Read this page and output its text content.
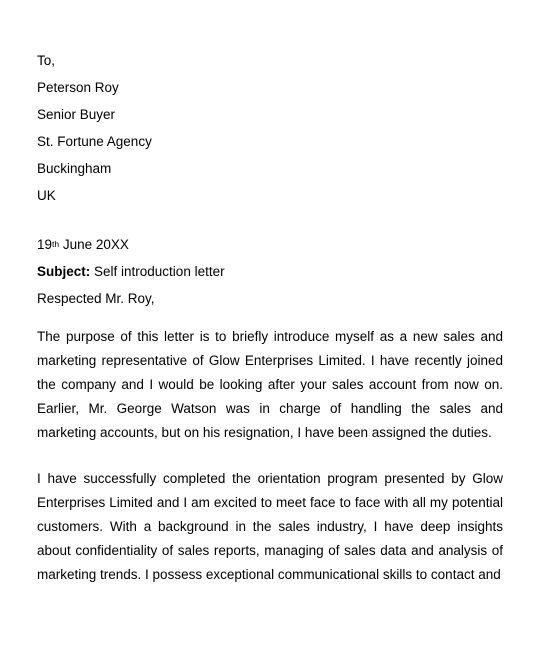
To,
Peterson Roy
Senior Buyer
St. Fortune Agency
Buckingham
UK
19th June 20XX
Subject: Self introduction letter
Respected Mr. Roy,

The purpose of this letter is to briefly introduce myself as a new sales and marketing representative of Glow Enterprises Limited. I have recently joined the company and I would be looking after your sales account from now on. Earlier, Mr. George Watson was in charge of handling the sales and marketing accounts, but on his resignation, I have been assigned the duties.

I have successfully completed the orientation program presented by Glow Enterprises Limited and I am excited to meet face to face with all my potential customers. With a background in the sales industry, I have deep insights about confidentiality of sales reports, managing of sales data and analysis of marketing trends. I possess exceptional communicational skills to contact and
